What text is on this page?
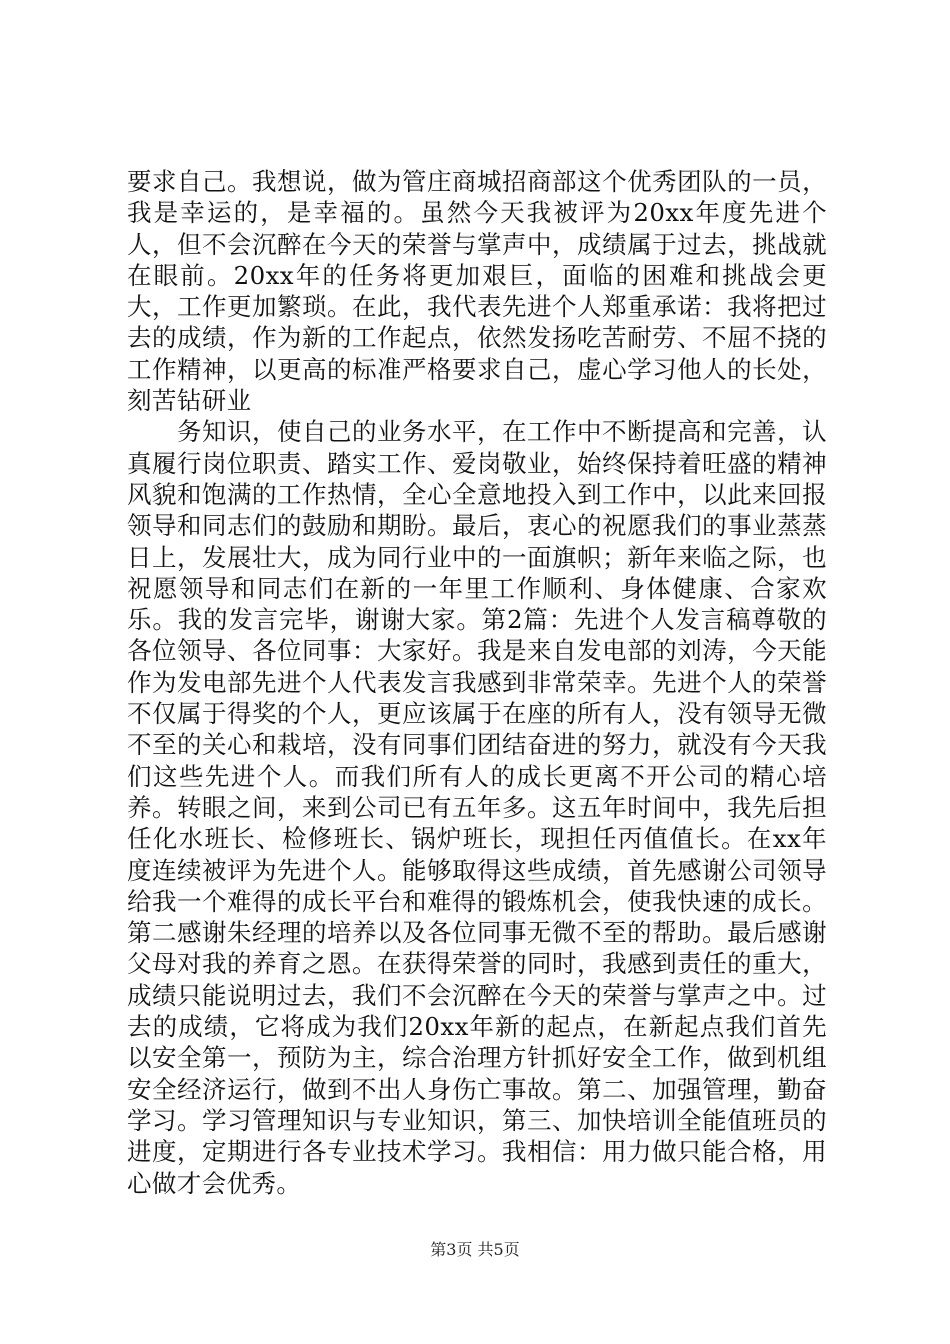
要求自己。我想说，做为管庄商城招商部这个优秀团队的一员，我是幸运的，是幸福的。虽然今天我被评为20xx年度先进个人，但不会沉醉在今天的荣誉与掌声中，成绩属于过去，挑战就在眼前。20xx年的任务将更加艰巨，面临的困难和挑战会更大，工作更加繁琐。在此，我代表先进个人郑重承诺：我将把过去的成绩，作为新的工作起点，依然发扬吃苦耐劳、不屈不挠的工作精神，以更高的标准严格要求自己，虚心学习他人的长处，刻苦钻研业

务知识，使自己的业务水平，在工作中不断提高和完善，认真履行岗位职责、踏实工作、爱岗敬业，始终保持着旺盛的精神风貌和饱满的工作热情，全心全意地投入到工作中，以此来回报领导和同志们的鼓励和期盼。最后，衷心的祝愿我们的事业蒸蒸日上，发展壮大，成为同行业中的一面旗帜；新年来临之际，也祝愿领导和同志们在新的一年里工作顺利、身体健康、合家欢乐。我的发言完毕，谢谢大家。第2篇：先进个人发言稿尊敬的各位领导、各位同事：大家好。我是来自发电部的刘涛，今天能作为发电部先进个人代表发言我感到非常荣幸。先进个人的荣誉不仅属于得奖的个人，更应该属于在座的所有人，没有领导无微不至的关心和栽培，没有同事们团结奋进的努力，就没有今天我们这些先进个人。而我们所有人的成长更离不开公司的精心培养。转眼之间，来到公司已有五年多。这五年时间中，我先后担任化水班长、检修班长、锅炉班长，现担任丙值值长。在xx年度连续被评为先进个人。能够取得这些成绩，首先感谢公司领导给我一个难得的成长平台和难得的锻炼机会，使我快速的成长。第二感谢朱经理的培养以及各位同事无微不至的帮助。最后感谢父母对我的养育之恩。在获得荣誉的同时，我感到责任的重大，成绩只能说明过去，我们不会沉醉在今天的荣誉与掌声之中。过去的成绩，它将成为我们20xx年新的起点，在新起点我们首先以安全第一，预防为主，综合治理方针抓好安全工作，做到机组安全经济运行，做到不出人身伤亡事故。第二、加强管理，勤奋学习。学习管理知识与专业知识，第三、加快培训全能值班员的进度，定期进行各专业技术学习。我相信：用力做只能合格，用心做才会优秀。

第3页 共5页
